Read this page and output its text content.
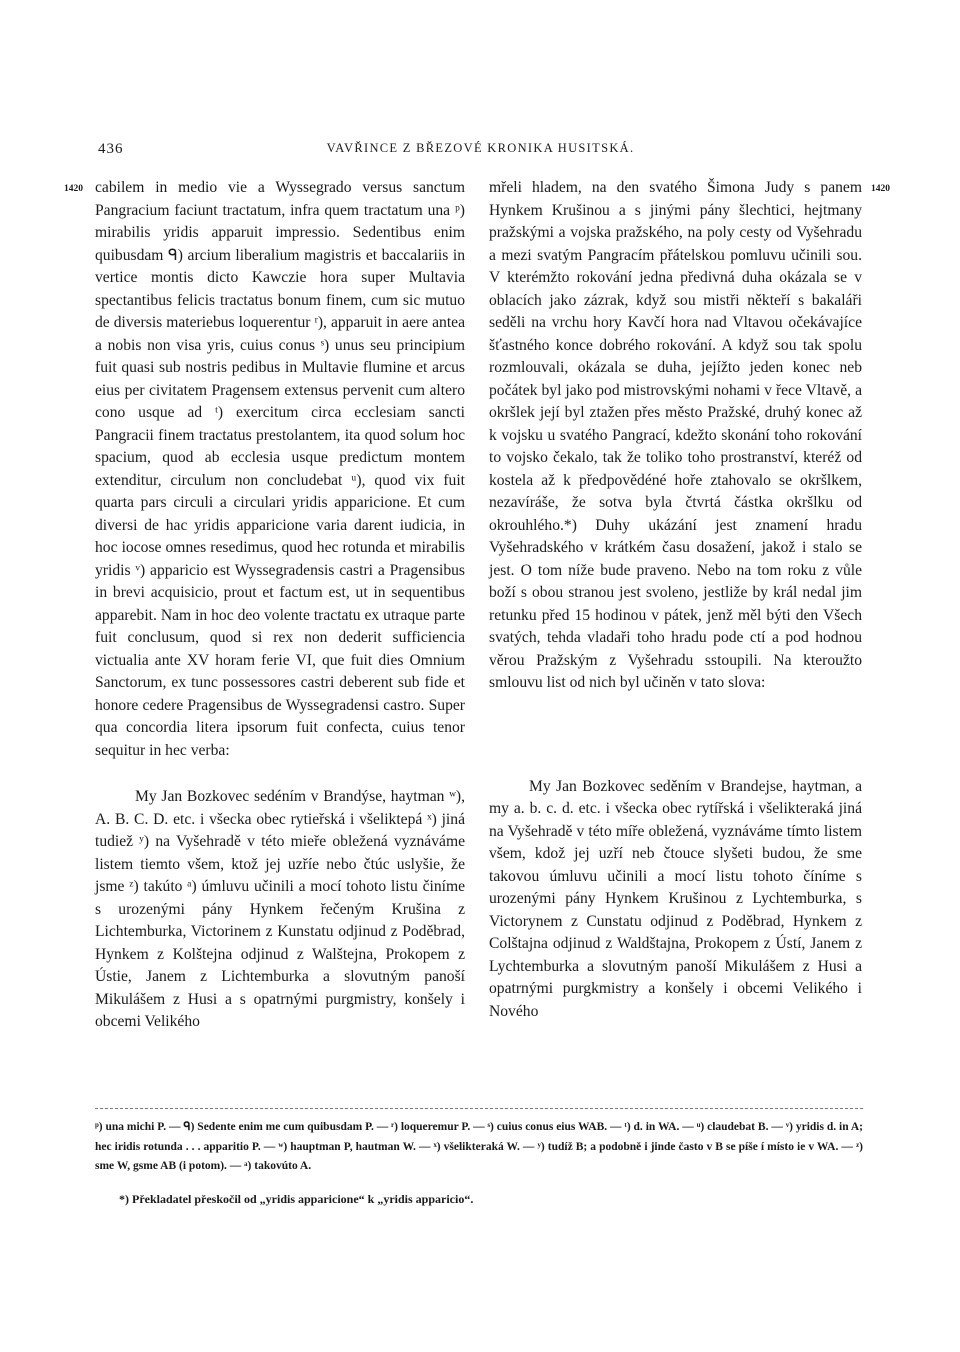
436	VAVŘINCE Z BŘEZOVÉ KRONIKA HUSITSKÁ.
1420	1420

cabilem in medio vie a Wyssegrado versus sanctum Pangracium faciunt tractatum, infra quem tractatum una ᵖ) mirabilis yridis apparuit impressio. Sedentibus enim quibusdam ᑫ) arcium liberalium magistris et baccalariis in vertice montis dicto Kawczie hora super Multavia spectantibus felicis tractatus bonum finem, cum sic mutuo de diversis materiebus loquerentur ʳ), apparuit in aere antea a nobis non visa yris, cuius conus ˢ) unus seu principium fuit quasi sub nostris pedibus in Multavie flumine et arcus eius per civitatem Pragensem extensus pervenit cum altero cono usque ad ᵗ) exercitum circa ecclesiam sancti Pangracii finem tractatus prestolantem, ita quod solum hoc spacium, quod ab ecclesia usque predictum montem extenditur, circulum non concludebat ᵘ), quod vix fuit quarta pars circuli a circulari yridis apparicione. Et cum diversi de hac yridis apparicione varia darent iudicia, in hoc iocose omnes resedimus, quod hec rotunda et mirabilis yridis ᵛ) apparicio est Wyssegradensis castri a Pragensibus in brevi acquisicio, prout et factum est, ut in sequentibus apparebit. Nam in hoc deo volente tractatu ex utraque parte fuit conclusum, quod si rex non dederit sufficiencia victualia ante XV horam ferie VI, que fuit dies Omnium Sanctorum, ex tunc possessores castri deberent sub fide et honore cedere Pragensibus de Wyssegradensi castro. Super qua concordia litera ipsorum fuit confecta, cuius tenor sequitur in hec verba:

My Jan Bozkovec sedéním v Brandýse, haytman ʷ), A. B. C. D. etc. i všecka obec rytieřská i všeliktерá ˣ) jiná tudiež ʸ) na Vyšehradě v této mieře obležená vyznáváme listem tiemto všem, ktož jej uzříe nebo čtúc uslyšie, že jsme ᶻ) takúto ᵃ) úmluvu učinili a mocí tohoto listu činíme s urozenými pány Hynkem řečeným Krušina z Lichtemburka, Victorinem z Kunstatu odjinud z Poděbrad, Hynkem z Kolštejna odjinud z Walštejna, Prokopem z Ústie, Janem z Lichtemburka a slovutným panoší Mikulášem z Husi a s opatrnými purgmistry, konšely i obcemi Velikého

mřeli hladem, na den svatého Šimona Judy s panem Hynkem Krušinou a s jinými pány šlechtici, hejtmany pražskými a vojska pražského, na poly cesty od Vyšehradu a mezi svatým Pangracím přátelskou pomluvu učinili sou. V kterémžto rokování jedna předivná duha okázala se v oblacích jako zázrak, když sou mistři někteří s bakaláři seděli na vrchu hory Kavčí hora nad Vltavou očekávajíce šťastného konce dobrého rokování. A když sou tak spolu rozmlouvali, okázala se duha, jejížto jeden konec neb počátek byl jako pod mistrovskými nohami v řece Vltavě, a okršlek její byl ztažen přes město Pražské, druhý konec až k vojsku u svatého Pangrací, kdežto skonání toho rokování to vojsko čekalo, tak že toliko toho prostranství, kteréž od kostela až k předpovědéné hoře ztahovalo se okršlkem, nezavíráše, že sotva byla čtvrtá částka okršlku od okrouhlého.*) Duhy ukázání jest znamení hradu Vyšehradského v krátkém času dosažení, jakož i stalo se jest. O tom níže bude praveno. Nebo na tom roku z vůle boží s obou stranou jest svoleno, jestliže by král nedal jim retunku před 15 hodinou v pátek, jenž měl býti den Všech svatých, tehda vladaři toho hradu pode ctí a pod hodnou věrou Pražským z Vyšehradu sstoupili. Na kteroužto smlouvu list od nich byl učiněn v tato slova:

My Jan Bozkovec seděním v Brandejse, haytman, a my a. b. c. d. etc. i všecka obec rytířská i všelikteraká jiná na Vyšehradě v této míře obležená, vyznáváme tímto listem všem, kdož jej uzří neb čtouce slyšeti budou, že sme takovou úmluvu učinili a mocí listu tohoto číníme s urozenými pány Hynkem Krušinou z Lychtemburka, s Victorynem z Cunstatu odjinud z Poděbrad, Hynkem z Colštajna odjinud z Waldštajna, Prokopem z Ústí, Janem z Lychtemburka a slovutným panoší Mikulášem z Husi a opatrnými purgkmistry a konšely i obcemi Velikého i Nového

ᵖ) una michi P. — ᑫ) Sedente enim me cum quibusdam P. — ʳ) loqueremur P. — ˢ) cuius conus eius WAB. — ᵗ) d. in WA. — ᵘ) claudebat B. — ᵛ) yridis d. in A; hec iridis rotunda . . . apparitio P. — ʷ) hauptman P, hautman W. — ˣ) všelikteraká W. — ʸ) tudíž B; a podobně i jinde často v B se píše í místo ie v WA. — ᶻ) sme W, gsme AB (i potom). — ᵃ) takovúto A.
*) Překladatel přeskočil od „yridis apparicione“ k „yridis apparicio“.
